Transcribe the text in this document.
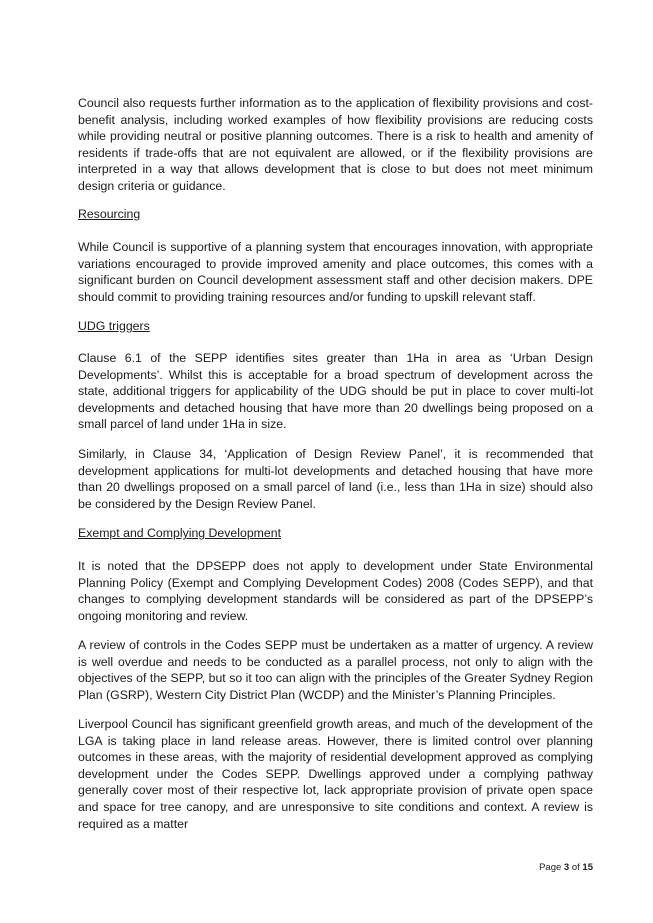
Council also requests further information as to the application of flexibility provisions and cost-benefit analysis, including worked examples of how flexibility provisions are reducing costs while providing neutral or positive planning outcomes. There is a risk to health and amenity of residents if trade-offs that are not equivalent are allowed, or if the flexibility provisions are interpreted in a way that allows development that is close to but does not meet minimum design criteria or guidance.

Resourcing

While Council is supportive of a planning system that encourages innovation, with appropriate variations encouraged to provide improved amenity and place outcomes, this comes with a significant burden on Council development assessment staff and other decision makers. DPE should commit to providing training resources and/or funding to upskill relevant staff.

UDG triggers

Clause 6.1 of the SEPP identifies sites greater than 1Ha in area as ‘Urban Design Developments’. Whilst this is acceptable for a broad spectrum of development across the state, additional triggers for applicability of the UDG should be put in place to cover multi-lot developments and detached housing that have more than 20 dwellings being proposed on a small parcel of land under 1Ha in size.

Similarly, in Clause 34, ‘Application of Design Review Panel’, it is recommended that development applications for multi-lot developments and detached housing that have more than 20 dwellings proposed on a small parcel of land (i.e., less than 1Ha in size) should also be considered by the Design Review Panel.

Exempt and Complying Development

It is noted that the DPSEPP does not apply to development under State Environmental Planning Policy (Exempt and Complying Development Codes) 2008 (Codes SEPP), and that changes to complying development standards will be considered as part of the DPSEPP’s ongoing monitoring and review.

A review of controls in the Codes SEPP must be undertaken as a matter of urgency. A review is well overdue and needs to be conducted as a parallel process, not only to align with the objectives of the SEPP, but so it too can align with the principles of the Greater Sydney Region Plan (GSRP), Western City District Plan (WCDP) and the Minister’s Planning Principles.

Liverpool Council has significant greenfield growth areas, and much of the development of the LGA is taking place in land release areas. However, there is limited control over planning outcomes in these areas, with the majority of residential development approved as complying development under the Codes SEPP. Dwellings approved under a complying pathway generally cover most of their respective lot, lack appropriate provision of private open space and space for tree canopy, and are unresponsive to site conditions and context. A review is required as a matter

Page 3 of 15
